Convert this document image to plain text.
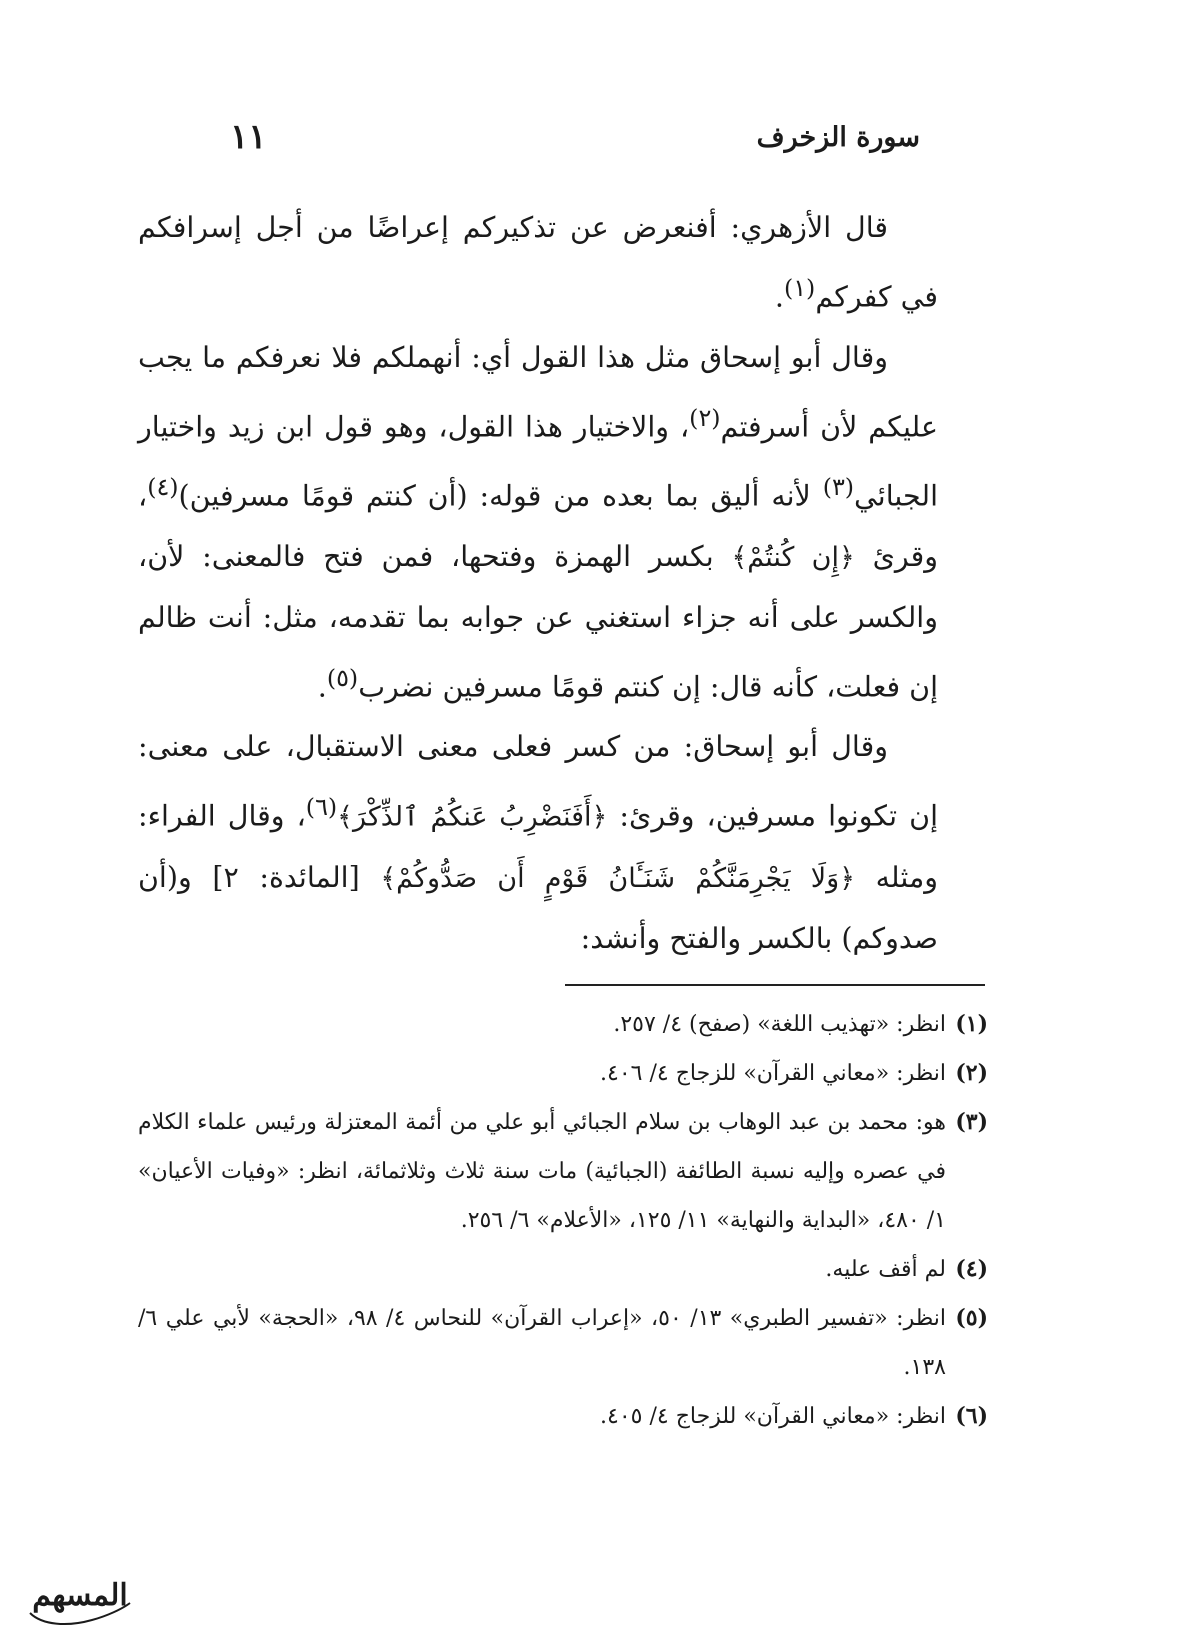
سورة الزخرف
١١

قال الأزهري: أفنعرض عن تذكيركم إعراضًا من أجل إسرافكم في كفركم$^{(١)}$.

وقال أبو إسحاق مثل هذا القول أي: أنهملكم فلا نعرفكم ما يجب عليكم لأن أسرفتم$^{(٢)}$، والاختيار هذا القول، وهو قول ابن زيد واختيار الجبائي$^{(٣)}$ لأنه أليق بما بعده من قوله: (أن كنتم قومًا مسرفين)$^{(٤)}$، وقرئ ﴿إِن كُنتُمْ﴾ بكسر الهمزة وفتحها، فمن فتح فالمعنى: لأن، والكسر على أنه جزاء استغني عن جوابه بما تقدمه، مثل: أنت ظالم إن فعلت، كأنه قال: إن كنتم قومًا مسرفين نضرب$^{(٥)}$.

وقال أبو إسحاق: من كسر فعلى معنى الاستقبال، على معنى: إن تكونوا مسرفين، وقرئ: ﴿أَفَنَضْرِبُ عَنكُمُ ٱلذِّكْرَ﴾$^{(٦)}$، وقال الفراء: ومثله ﴿وَلَا يَجْرِمَنَّكُمْ شَنَـَٔانُ قَوْمٍ أَن صَدُّوكُمْ﴾ [المائدة: ٢] و(أن صدوكم) بالكسر والفتح وأنشد:

(١)
انظر: «تهذيب اللغة» (صفح) ٤/ ٢٥٧.
(٢)
انظر: «معاني القرآن» للزجاج ٤/ ٤٠٦.
(٣)
هو: محمد بن عبد الوهاب بن سلام الجبائي أبو علي من أئمة المعتزلة ورئيس علماء الكلام في عصره وإليه نسبة الطائفة (الجبائية) مات سنة ثلاث وثلاثمائة، انظر: «وفيات الأعيان» ١/ ٤٨٠، «البداية والنهاية» ١١/ ١٢٥، «الأعلام» ٦/ ٢٥٦.
(٤)
لم أقف عليه.
(٥)
انظر: «تفسير الطبري» ١٣/ ٥٠، «إعراب القرآن» للنحاس ٤/ ٩٨، «الحجة» لأبي علي ٦/ ١٣٨.
(٦)
انظر: «معاني القرآن» للزجاج ٤/ ٤٠٥.
المسهم
